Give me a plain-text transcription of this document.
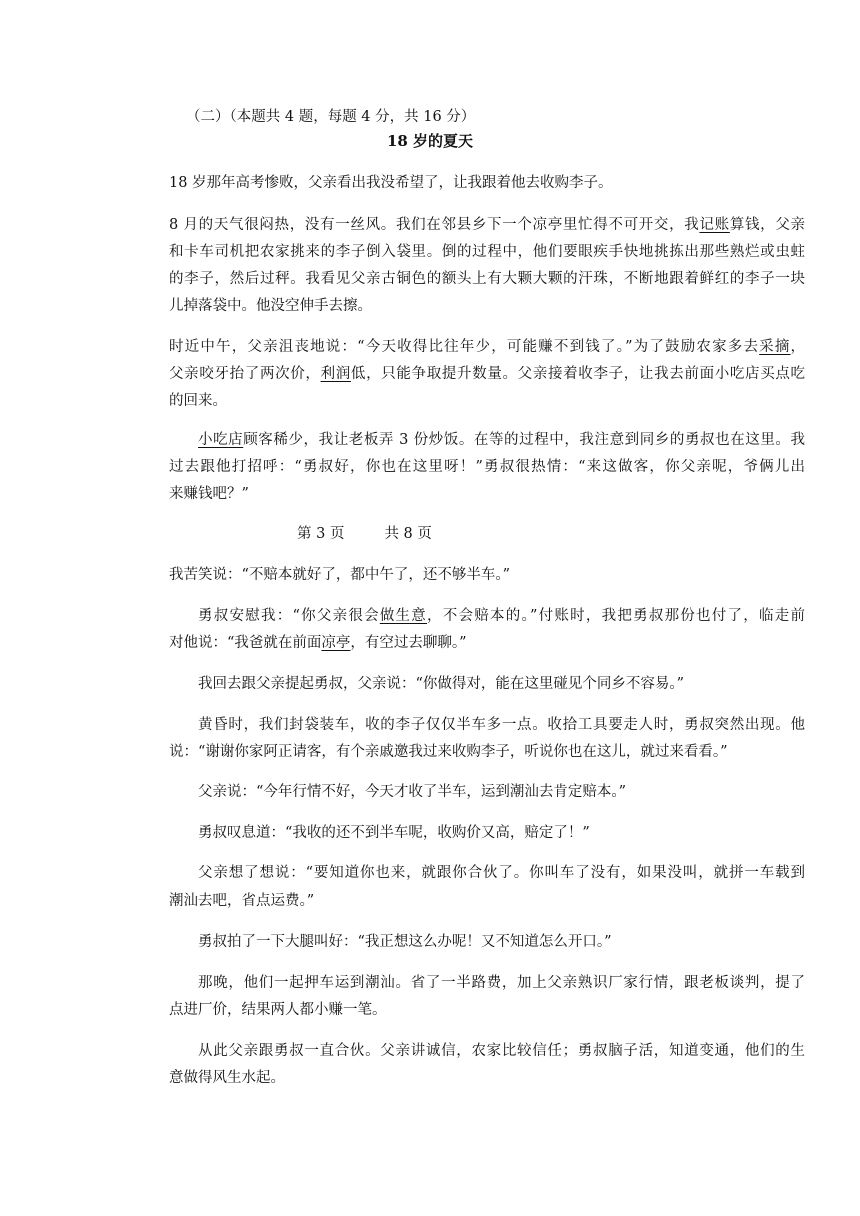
（二）（本题共 4 题，每题 4 分，共 16 分）
18 岁的夏天
18 岁那年高考惨败，父亲看出我没希望了，让我跟着他去收购李子。
8 月的天气很闷热，没有一丝风。我们在邻县乡下一个凉亭里忙得不可开交，我记账算钱，父亲
和卡车司机把农家挑来的李子倒入袋里。倒的过程中，他们要眼疾手快地挑拣出那些熟烂或虫蛀
的李子，然后过秤。我看见父亲古铜色的额头上有大颗大颗的汗珠，不断地跟着鲜红的李子一块
儿掉落袋中。他没空伸手去擦。
时近中午，父亲沮丧地说：“今天收得比往年少，可能赚不到钱了。”为了鼓励农家多去采摘，
父亲咬牙抬了两次价，利润低，只能争取提升数量。父亲接着收李子，让我去前面小吃店买点吃
的回来。
小吃店顾客稀少，我让老板弄 3 份炒饭。在等的过程中，我注意到同乡的勇叔也在这里。我
过去跟他打招呼：“勇叔好，你也在这里呀！”勇叔很热情：“来这做客，你父亲呢，爷俩儿出
来赚钱吧？”
第 3 页	共 8 页
我苦笑说：“不赔本就好了，都中午了，还不够半车。”
勇叔安慰我：“你父亲很会做生意，不会赔本的。”付账时，我把勇叔那份也付了，临走前
对他说：“我爸就在前面凉亭，有空过去聊聊。”
我回去跟父亲提起勇叔，父亲说：“你做得对，能在这里碰见个同乡不容易。”
黄昏时，我们封袋装车，收的李子仅仅半车多一点。收拾工具要走人时，勇叔突然出现。他
说：“谢谢你家阿正请客，有个亲戚邀我过来收购李子，听说你也在这儿，就过来看看。”
父亲说：“今年行情不好，今天才收了半车，运到潮汕去肯定赔本。”
勇叔叹息道：“我收的还不到半车呢，收购价又高，赔定了！”
父亲想了想说：“要知道你也来，就跟你合伙了。你叫车了没有，如果没叫，就拼一车载到
潮汕去吧，省点运费。”
勇叔拍了一下大腿叫好：“我正想这么办呢！又不知道怎么开口。”
那晚，他们一起押车运到潮汕。省了一半路费，加上父亲熟识厂家行情，跟老板谈判，提了
点进厂价，结果两人都小赚一笔。
从此父亲跟勇叔一直合伙。父亲讲诚信，农家比较信任；勇叔脑子活，知道变通，他们的生
意做得风生水起。
